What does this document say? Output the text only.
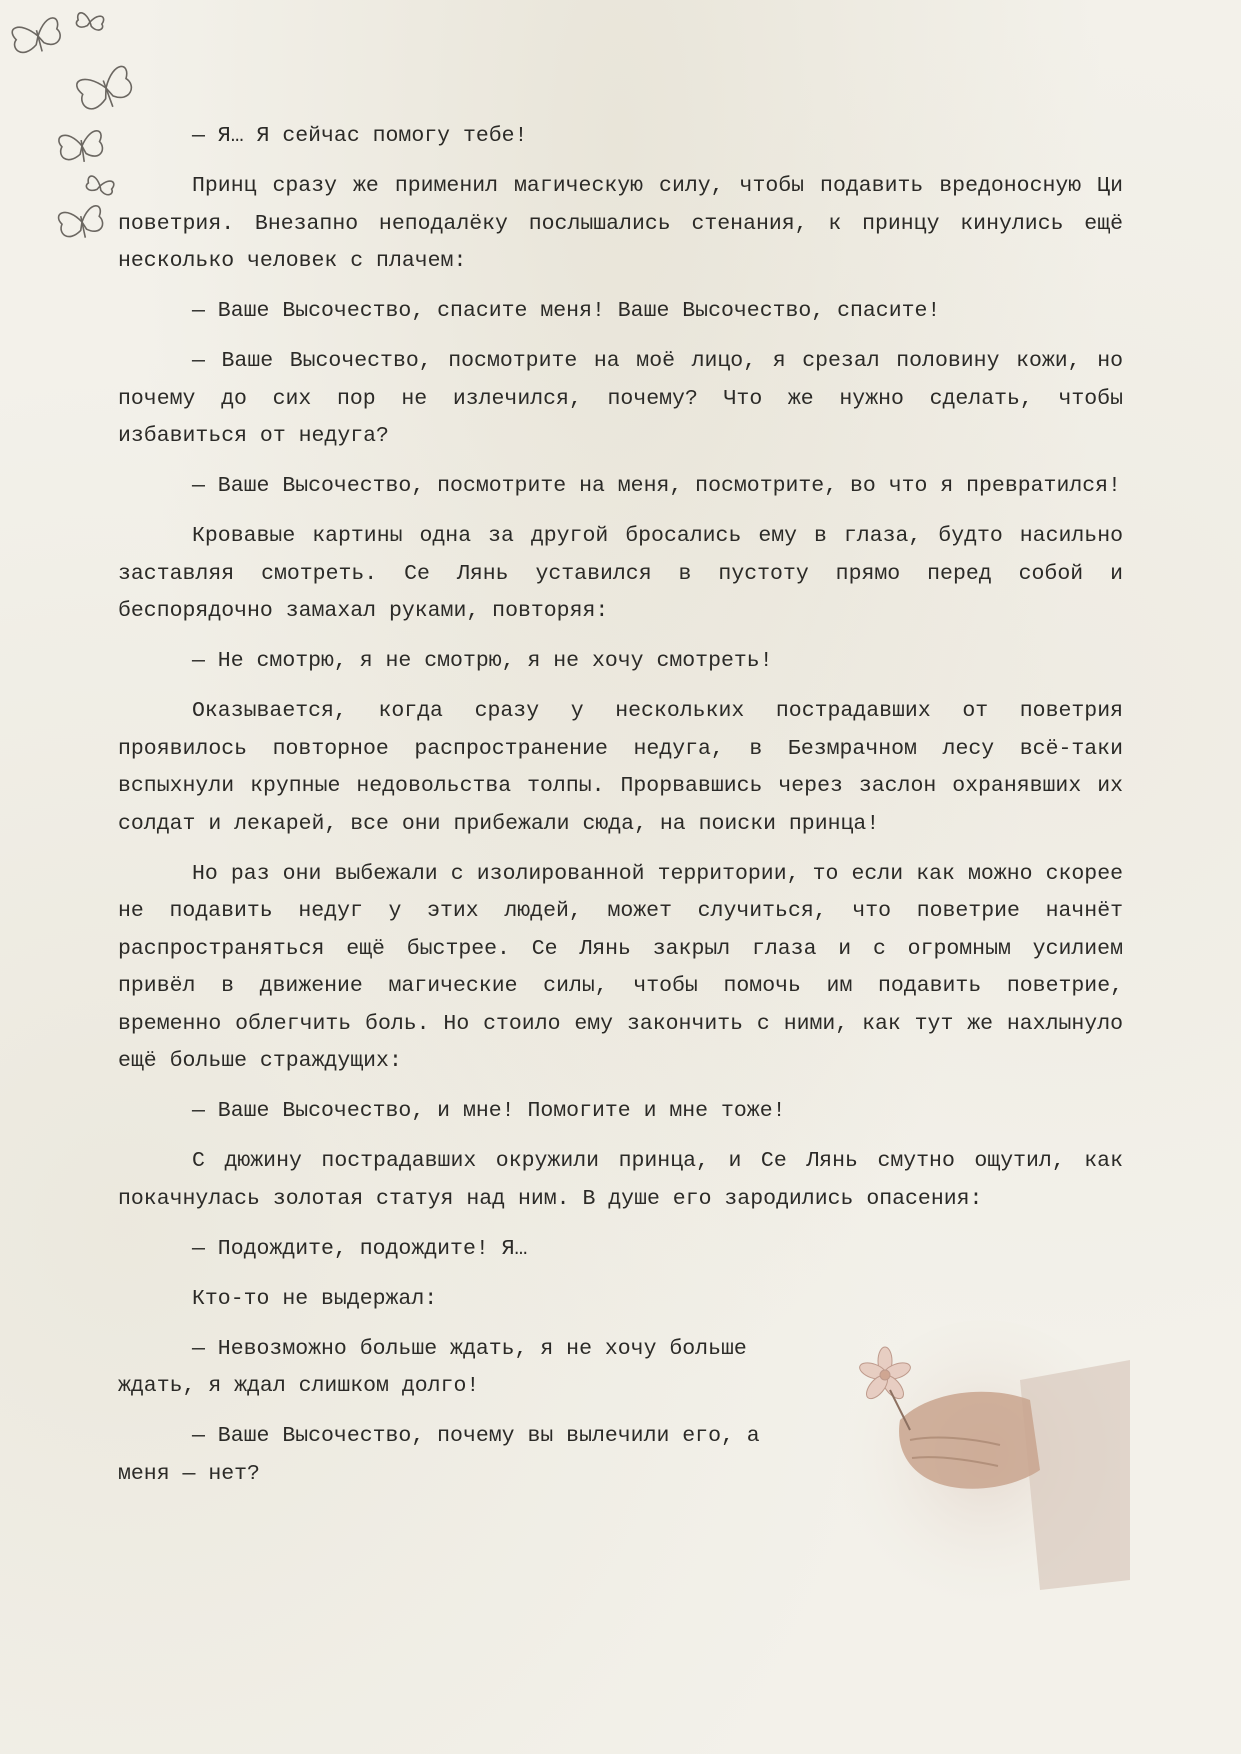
— Я… Я сейчас помогу тебе!

Принц сразу же применил магическую силу, чтобы подавить вредоносную Ци поветрия. Внезапно неподалёку послышались стенания, к принцу кинулись ещё несколько человек с плачем:

— Ваше Высочество, спасите меня! Ваше Высочество, спасите!

— Ваше Высочество, посмотрите на моё лицо, я срезал половину кожи, но почему до сих пор не излечился, почему? Что же нужно сделать, чтобы избавиться от недуга?

— Ваше Высочество, посмотрите на меня, посмотрите, во что я превратился!

Кровавые картины одна за другой бросались ему в глаза, будто насильно заставляя смотреть. Се Лянь уставился в пустоту прямо перед собой и беспорядочно замахал руками, повторяя:

— Не смотрю, я не смотрю, я не хочу смотреть!

Оказывается, когда сразу у нескольких пострадавших от поветрия проявилось повторное распространение недуга, в Безмрачном лесу всё-таки вспыхнули крупные недовольства толпы. Прорвавшись через заслон охранявших их солдат и лекарей, все они прибежали сюда, на поиски принца!

Но раз они выбежали с изолированной территории, то если как можно скорее не подавить недуг у этих людей, может случиться, что поветрие начнёт распространяться ещё быстрее. Се Лянь закрыл глаза и с огромным усилием привёл в движение магические силы, чтобы помочь им подавить поветрие, временно облегчить боль. Но стоило ему закончить с ними, как тут же нахлынуло ещё больше страждущих:

— Ваше Высочество, и мне! Помогите и мне тоже!

С дюжину пострадавших окружили принца, и Се Лянь смутно ощутил, как покачнулась золотая статуя над ним. В душе его зародились опасения:

— Подождите, подождите! Я…

Кто-то не выдержал:

— Невозможно больше ждать, я не хочу больше ждать, я ждал слишком долго!

— Ваше Высочество, почему вы вылечили его, а меня — нет?
